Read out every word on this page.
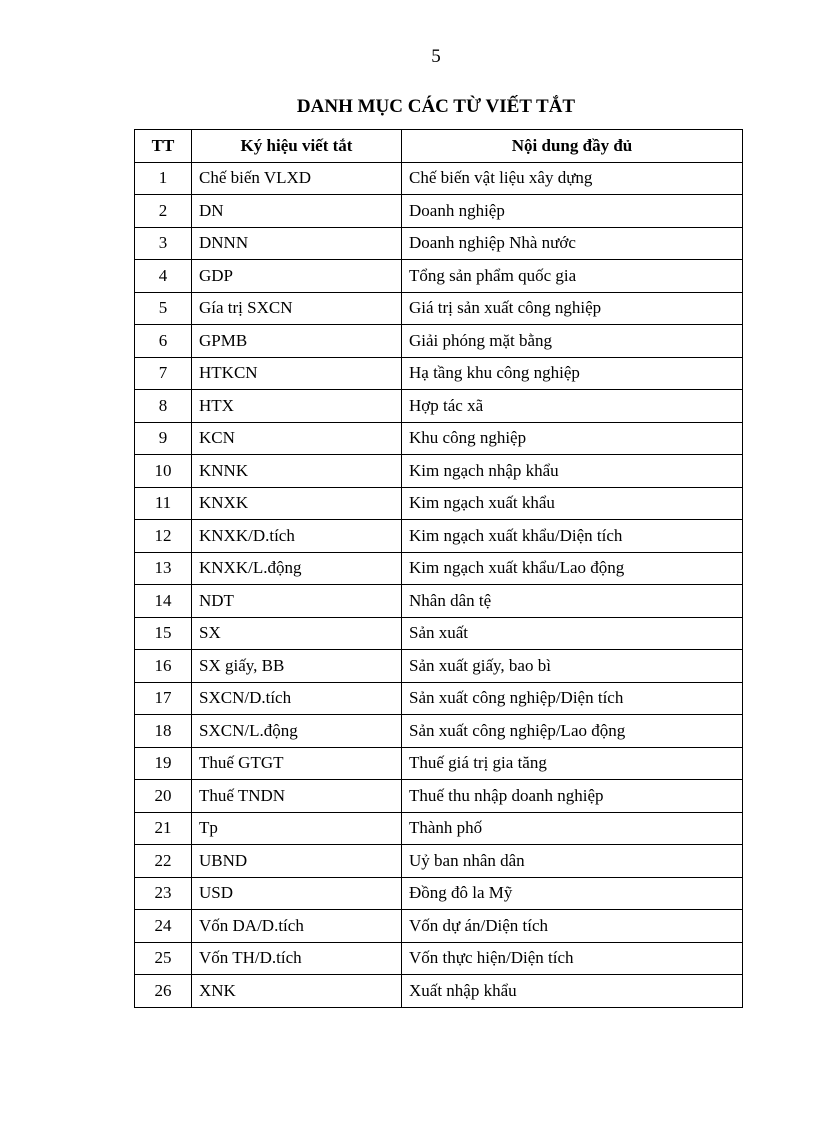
5
DANH MỤC CÁC TỪ VIẾT TẮT
TT	Ký hiệu viết tắt	Nội dung đầy đủ
1	Chế biến VLXD	Chế biến vật liệu xây dựng
2	DN	Doanh nghiệp
3	DNNN	Doanh nghiệp Nhà nước
4	GDP	Tổng sản phẩm quốc gia
5	Gía trị SXCN	Giá trị sản xuất công nghiệp
6	GPMB	Giải phóng mặt bằng
7	HTKCN	Hạ tầng khu công nghiệp
8	HTX	Hợp tác xã
9	KCN	Khu công nghiệp
10	KNNK	Kim ngạch nhập khẩu
11	KNXK	Kim ngạch xuất khẩu
12	KNXK/D.tích	Kim ngạch xuất khẩu/Diện tích
13	KNXK/L.động	Kim ngạch xuất khẩu/Lao động
14	NDT	Nhân dân tệ
15	SX	Sản xuất
16	SX giấy, BB	Sản xuất giấy, bao bì
17	SXCN/D.tích	Sản xuất công nghiệp/Diện tích
18	SXCN/L.động	Sản xuất công nghiệp/Lao động
19	Thuế GTGT	Thuế giá trị gia tăng
20	Thuế TNDN	Thuế thu nhập doanh nghiệp
21	Tp	Thành phố
22	UBND	Uỷ ban nhân dân
23	USD	Đồng đô la Mỹ
24	Vốn DA/D.tích	Vốn dự án/Diện tích
25	Vốn TH/D.tích	Vốn thực hiện/Diện tích
26	XNK	Xuất nhập khẩu
